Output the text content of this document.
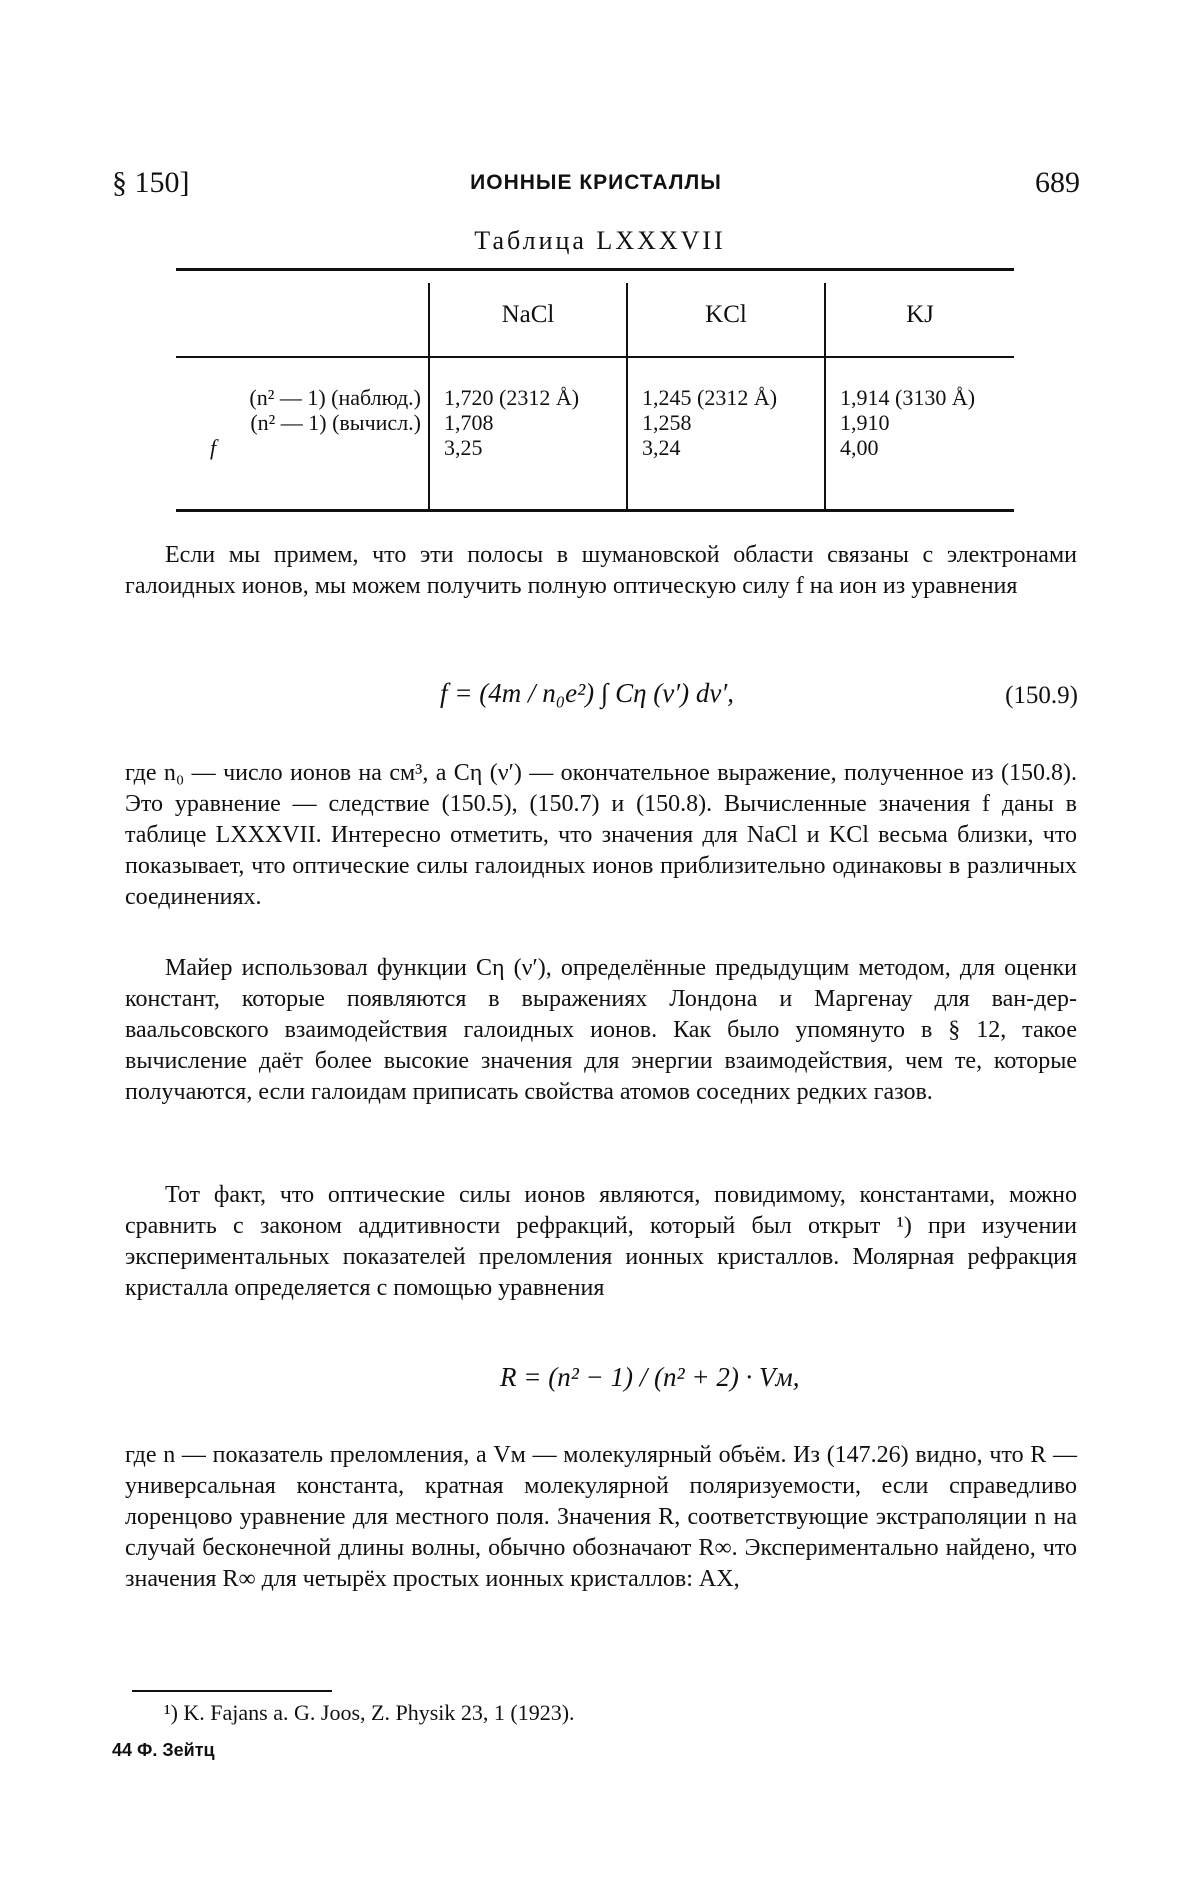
§ 150]	ИОННЫЕ КРИСТАЛЛЫ	689
Таблица LXXXVII
NaCl	KCl	KJ
(n² — 1) (наблюд.)
(n² — 1) (вычисл.)
f
1,720 (2312 Å)
1,708
3,25
1,245 (2312 Å)
1,258
3,24
1,914 (3130 Å)
1,910
4,00

Если мы примем, что эти полосы в шумановской области связаны с электронами галоидных ионов, мы можем получить полную оптическую силу f на ион из уравнения

f = (4m / n₀e²) ∫ Cη (ν′) dν′,	(150.9)

где n₀ — число ионов на см³, а Cη (ν′) — окончательное выражение, полученное из (150.8). Это уравнение — следствие (150.5), (150.7) и (150.8). Вычисленные значения f даны в таблице LXXXVII. Интересно отметить, что значения для NaCl и KCl весьма близки, что показывает, что оптические силы галоидных ионов приблизительно одинаковы в различных соединениях.

Майер использовал функции Cη (ν′), определённые предыдущим методом, для оценки констант, которые появляются в выражениях Лондона и Маргенау для ван-дер-ваальсовского взаимодействия галоидных ионов. Как было упомянуто в § 12, такое вычисление даёт более высокие значения для энергии взаимодействия, чем те, которые получаются, если галоидам приписать свойства атомов соседних редких газов.

Тот факт, что оптические силы ионов являются, повидимому, константами, можно сравнить с законом аддитивности рефракций, который был открыт ¹) при изучении экспериментальных показателей преломления ионных кристаллов. Молярная рефракция кристалла определяется с помощью уравнения

R = (n² − 1) / (n² + 2) · Vм,

где n — показатель преломления, а Vм — молекулярный объём. Из (147.26) видно, что R — универсальная константа, кратная молекулярной поляризуемости, если справедливо лоренцово уравнение для местного поля. Значения R, соответствующие экстраполяции n на случай бесконечной длины волны, обычно обозначают R∞. Экспериментально найдено, что значения R∞ для четырёх простых ионных кристаллов: AX,

¹) K. Fajans a. G. Joos, Z. Physik 23, 1 (1923).
44 Ф. Зейтц
